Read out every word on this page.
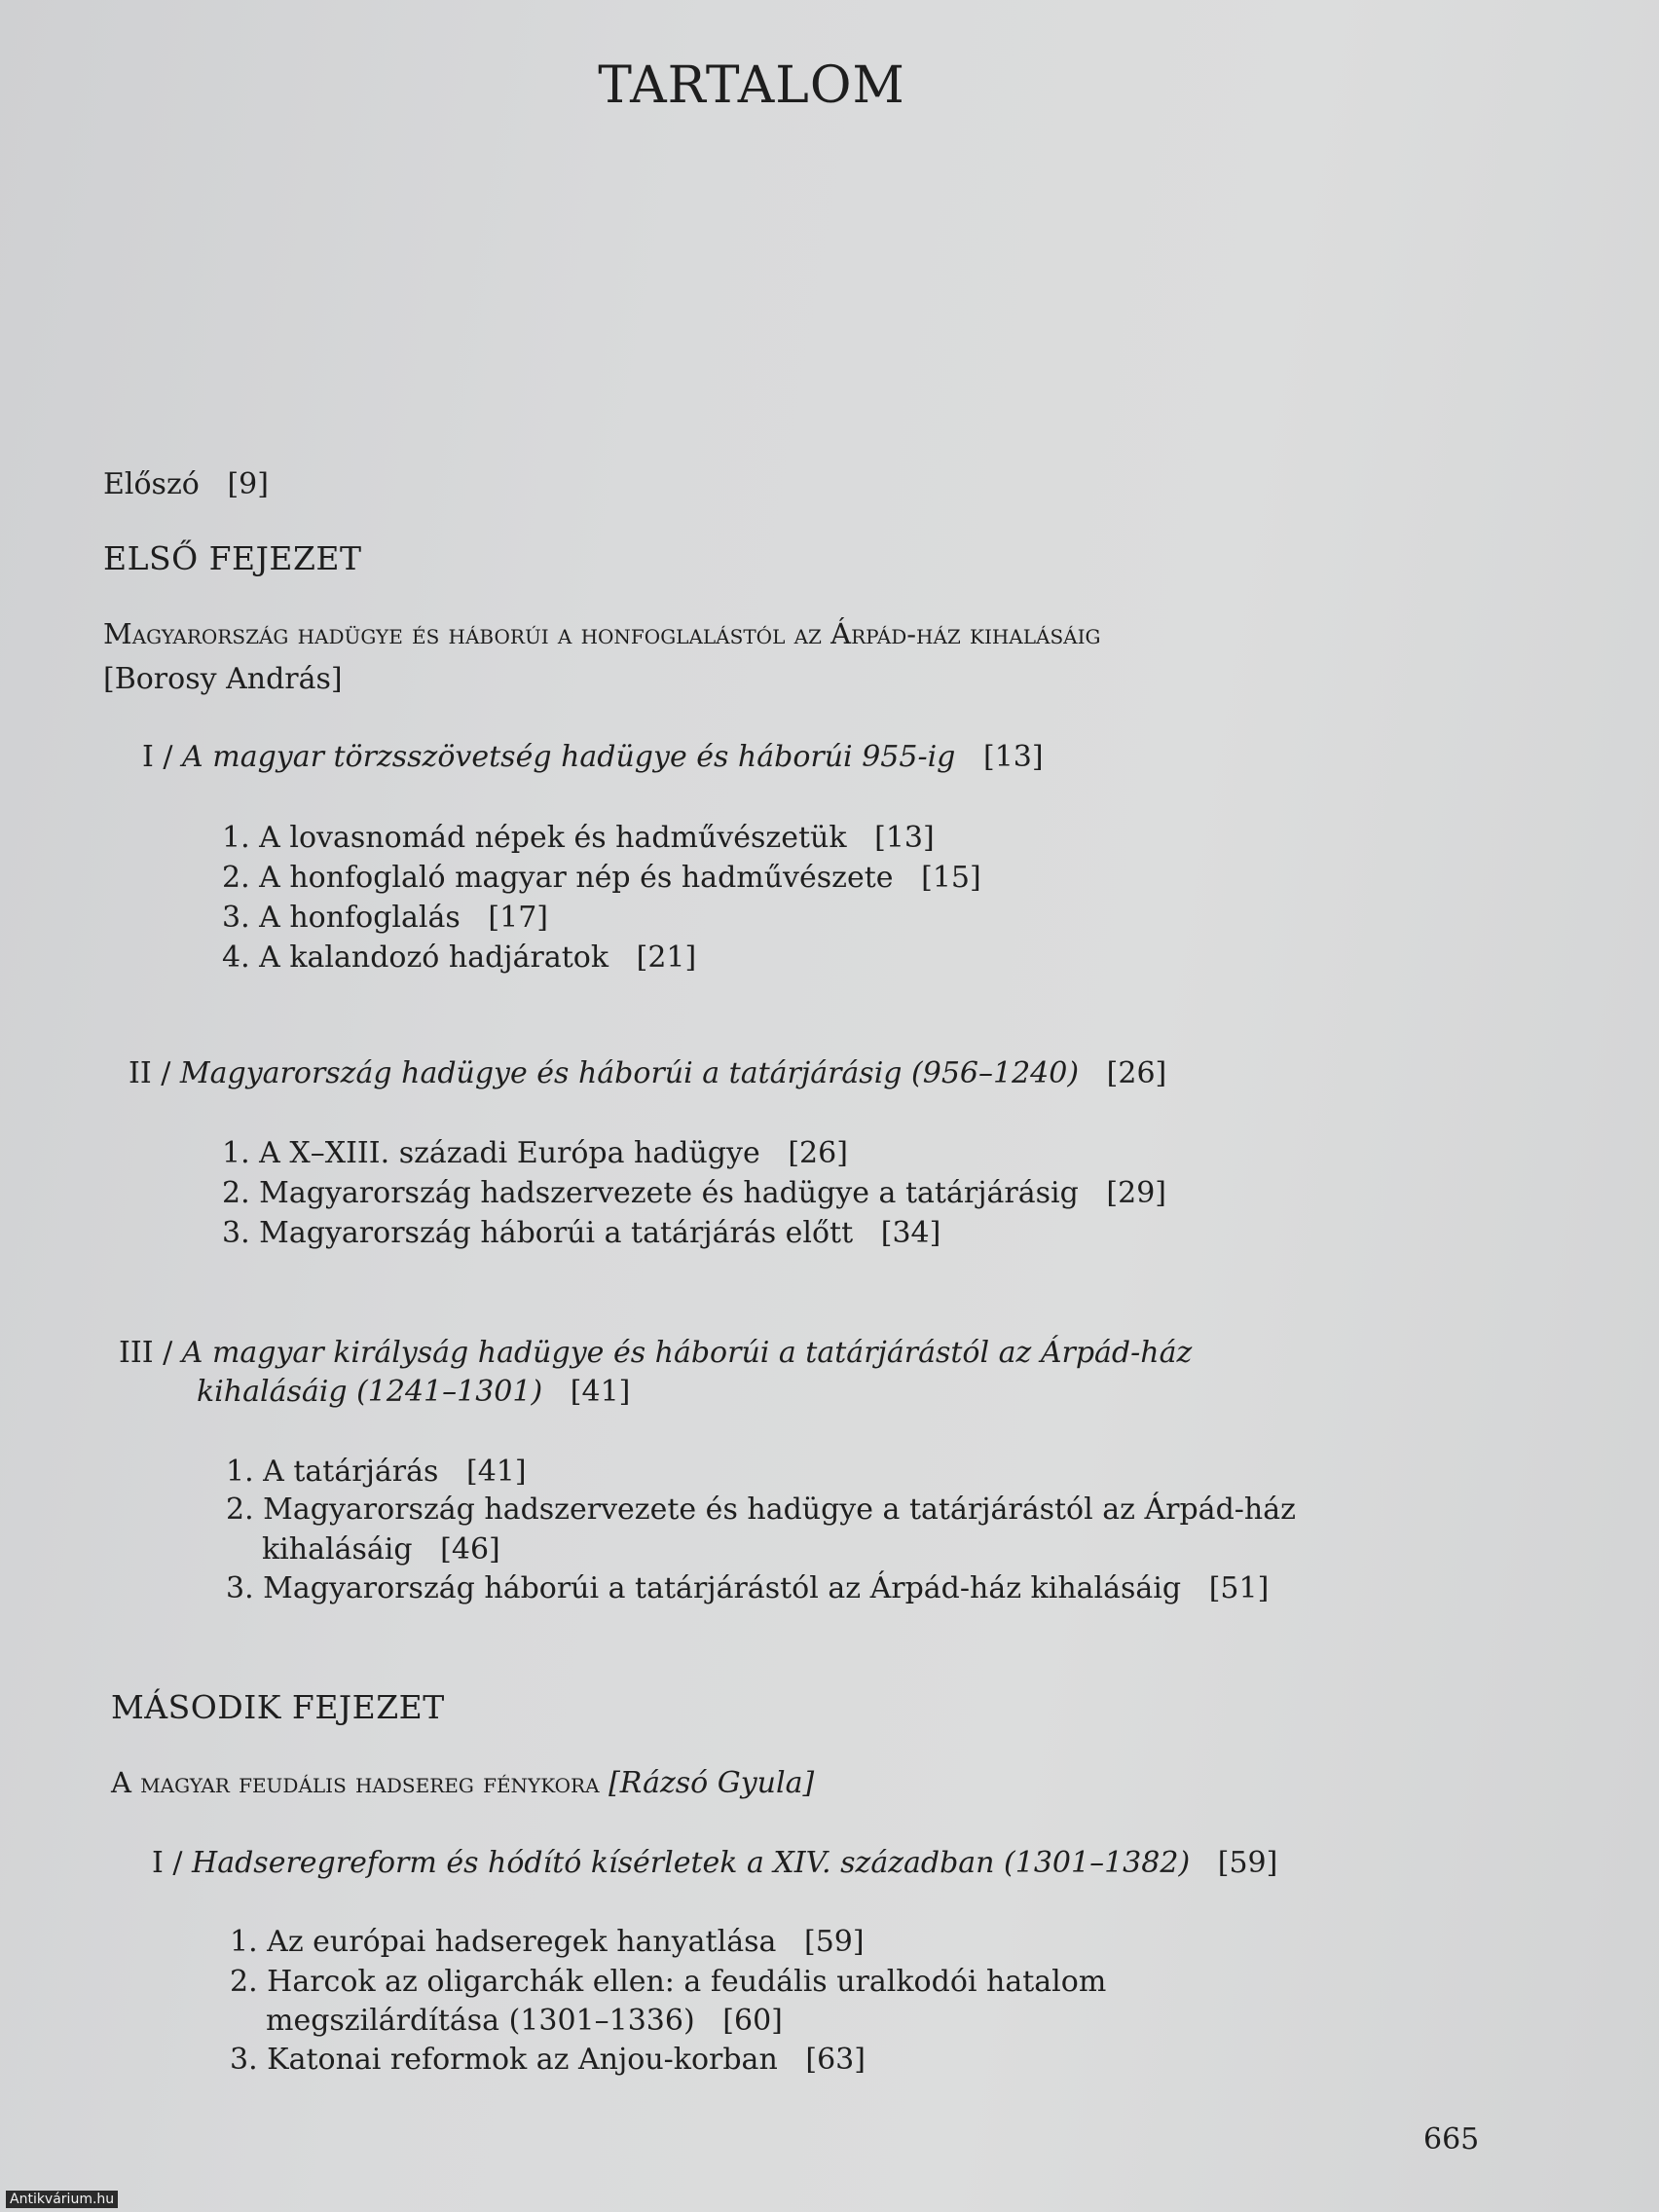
TARTALOM
Előszó [9]
ELSŐ FEJEZET
Magyarország hadügye és háborúi a honfoglalástól az Árpád-ház kihalásáig
[Borosy András]
I / A magyar törzsszövetség hadügye és háborúi 955-ig [13]
1. A lovasnomád népek és hadművészetük [13]
2. A honfoglaló magyar nép és hadművészete [15]
3. A honfoglalás [17]
4. A kalandozó hadjáratok [21]
II / Magyarország hadügye és háborúi a tatárjárásig (956–1240) [26]
1. A X–XIII. századi Európa hadügye [26]
2. Magyarország hadszervezete és hadügye a tatárjárásig [29]
3. Magyarország háborúi a tatárjárás előtt [34]
III / A magyar királyság hadügye és háborúi a tatárjárástól az Árpád-ház
kihalásáig (1241–1301) [41]
1. A tatárjárás [41]
2. Magyarország hadszervezete és hadügye a tatárjárástól az Árpád-ház
kihalásáig [46]
3. Magyarország háborúi a tatárjárástól az Árpád-ház kihalásáig [51]
MÁSODIK FEJEZET
A magyar feudális hadsereg fénykora [Rázsó Gyula]
I / Hadseregreform és hódító kísérletek a XIV. században (1301–1382) [59]
1. Az európai hadseregek hanyatlása [59]
2. Harcok az oligarchák ellen: a feudális uralkodói hatalom
megszilárdítása (1301–1336) [60]
3. Katonai reformok az Anjou-korban [63]
665
Antikvárium.hu
